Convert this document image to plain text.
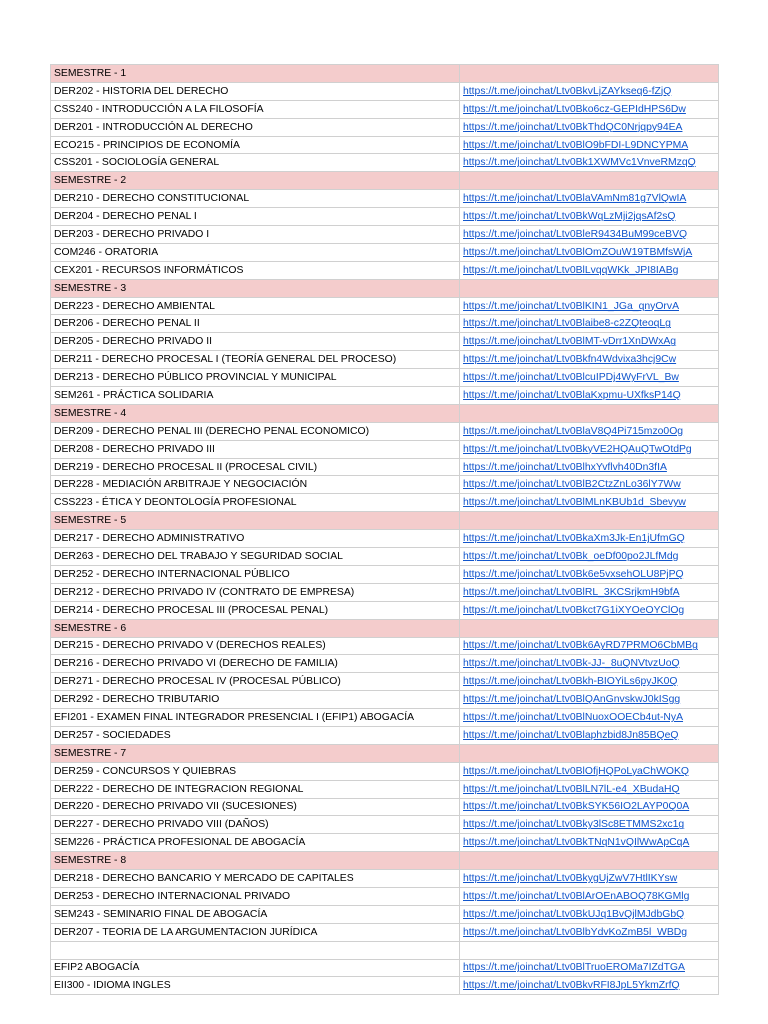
SEMESTRE - 1	
DER202 - HISTORIA DEL DERECHO	https://t.me/joinchat/Ltv0BkvLjZAYkseq6-fZjQ
CSS240 - INTRODUCCIÓN A LA FILOSOFÍA	https://t.me/joinchat/Ltv0Bko6cz-GEPIdHPS6Dw
DER201 - INTRODUCCIÓN AL DERECHO	https://t.me/joinchat/Ltv0BkThdQC0Nrjqpy94EA
ECO215 - PRINCIPIOS DE ECONOMÍA	https://t.me/joinchat/Ltv0BlO9bFDI-L9DNCYPMA
CSS201 - SOCIOLOGÍA GENERAL	https://t.me/joinchat/Ltv0Bk1XWMVc1VnveRMzqQ
SEMESTRE - 2	
DER210 - DERECHO CONSTITUCIONAL	https://t.me/joinchat/Ltv0BlaVAmNm81g7VlQwIA
DER204 - DERECHO PENAL I	https://t.me/joinchat/Ltv0BkWqLzMji2jqsAf2sQ
DER203 - DERECHO PRIVADO I	https://t.me/joinchat/Ltv0BleR9434BuM99ceBVQ
COM246 - ORATORIA	https://t.me/joinchat/Ltv0BlOmZOuW19TBMfsWjA
CEX201 - RECURSOS INFORMÁTICOS	https://t.me/joinchat/Ltv0BlLvqqWKk_JPI8IABg
SEMESTRE - 3	
DER223 - DERECHO AMBIENTAL	https://t.me/joinchat/Ltv0BlKIN1_JGa_qnyOrvA
DER206 - DERECHO PENAL II	https://t.me/joinchat/Ltv0Blaibe8-c2ZQteoqLg
DER205 - DERECHO PRIVADO II	https://t.me/joinchat/Ltv0BlMT-vDrr1XnDWxAg
DER211 - DERECHO PROCESAL I (TEORÍA GENERAL DEL PROCESO)	https://t.me/joinchat/Ltv0Bkfn4Wdvixa3hcj9Cw
DER213 - DERECHO PÚBLICO PROVINCIAL Y MUNICIPAL	https://t.me/joinchat/Ltv0BlcuIPDj4WyFrVL_Bw
SEM261 - PRÁCTICA SOLIDARIA	https://t.me/joinchat/Ltv0BlaKxpmu-UXfksP14Q
SEMESTRE - 4	
DER209 - DERECHO PENAL III (DERECHO PENAL ECONOMICO)	https://t.me/joinchat/Ltv0BlaV8Q4Pi715mzo0Og
DER208 - DERECHO PRIVADO III	https://t.me/joinchat/Ltv0BkyVE2HQAuQTwOtdPg
DER219 - DERECHO PROCESAL II (PROCESAL CIVIL)	https://t.me/joinchat/Ltv0BlhxYvflvh40Dn3fIA
DER228 - MEDIACIÓN ARBITRAJE Y NEGOCIACIÓN	https://t.me/joinchat/Ltv0BlB2CtzZnLo36lY7Ww
CSS223 - ÉTICA Y DEONTOLOGÍA PROFESIONAL	https://t.me/joinchat/Ltv0BlMLnKBUb1d_Sbevyw
SEMESTRE - 5	
DER217 - DERECHO ADMINISTRATIVO	https://t.me/joinchat/Ltv0BkaXm3Jk-En1jUfmGQ
DER263 - DERECHO DEL TRABAJO Y SEGURIDAD SOCIAL	https://t.me/joinchat/Ltv0Bk_oeDf00po2JLfMdg
DER252 - DERECHO INTERNACIONAL PÚBLICO	https://t.me/joinchat/Ltv0Bk6e5vxsehOLU8PjPQ
DER212 - DERECHO PRIVADO IV (CONTRATO DE EMPRESA)	https://t.me/joinchat/Ltv0BlRL_3KCSrjkmH9bfA
DER214 - DERECHO PROCESAL III (PROCESAL PENAL)	https://t.me/joinchat/Ltv0Bkct7G1iXYOeOYClOg
SEMESTRE - 6	
DER215 - DERECHO PRIVADO V (DERECHOS REALES)	https://t.me/joinchat/Ltv0Bk6AyRD7PRMO6CbMBg
DER216 - DERECHO PRIVADO VI (DERECHO DE FAMILIA)	https://t.me/joinchat/Ltv0Bk-JJ-_8uQNVtvzUoQ
DER271 - DERECHO PROCESAL IV (PROCESAL PÚBLICO)	https://t.me/joinchat/Ltv0Bkh-BIOYiLs6pyJK0Q
DER292 - DERECHO TRIBUTARIO	https://t.me/joinchat/Ltv0BlQAnGnvskwJ0kISgg
EFI201 - EXAMEN FINAL INTEGRADOR PRESENCIAL I (EFIP1) ABOGACÍA	https://t.me/joinchat/Ltv0BlNuoxOOECb4ut-NyA
DER257 - SOCIEDADES	https://t.me/joinchat/Ltv0Blaphzbid8Jn85BQeQ
SEMESTRE - 7	
DER259 - CONCURSOS Y QUIEBRAS	https://t.me/joinchat/Ltv0BlOfjHQPoLyaChWOKQ
DER222 - DERECHO DE INTEGRACION REGIONAL	https://t.me/joinchat/Ltv0BlLN7lL-e4_XBudaHQ
DER220 - DERECHO PRIVADO VII (SUCESIONES)	https://t.me/joinchat/Ltv0BkSYK56IO2LAYP0Q0A
DER227 - DERECHO PRIVADO VIII (DAÑOS)	https://t.me/joinchat/Ltv0Bky3lSc8ETMMS2xc1g
SEM226 - PRÁCTICA PROFESIONAL DE ABOGACÍA	https://t.me/joinchat/Ltv0BkTNqN1vQIlWwApCqA
SEMESTRE - 8	
DER218 - DERECHO BANCARIO Y MERCADO DE CAPITALES	https://t.me/joinchat/Ltv0BkygUjZwV7HtlIKYsw
DER253 - DERECHO INTERNACIONAL PRIVADO	https://t.me/joinchat/Ltv0BlArOEnABOQ78KGMlg
SEM243 - SEMINARIO FINAL DE ABOGACÍA	https://t.me/joinchat/Ltv0BkUJq1BvQjlMJdbGbQ
DER207 - TEORIA DE LA ARGUMENTACION JURÍDICA	https://t.me/joinchat/Ltv0BlbYdvKoZmB5l_WBDg

EFIP2 ABOGACÍA	https://t.me/joinchat/Ltv0BlTruoEROMa7IZdTGA
EII300 - IDIOMA INGLES	https://t.me/joinchat/Ltv0BkvRFI8JpL5YkmZrfQ
